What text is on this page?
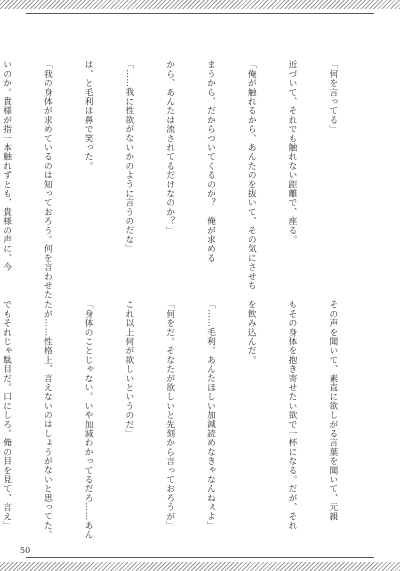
「何を言ってる」

近づいて、それでも触れない距離で、座る。

「俺が触れるから、あんたのを抜いて、その気にさせち

まうから、だからついてくるのか？　俺が求める

から、あんたは流されてるだけなのか？」

「……我に性欲がないかのように言うのだな」

は、と毛利は鼻で笑った。

「我の身体が求めているのは知っておろう。何を言わせた

いのか。貴様が指一本触れずとも、貴様の声に、今

その声を聞いて、素直に欲しがる言葉を聞いて、元親

もその身体を抱き寄せたい欲で一杯になる。だが、それ

を飲み込んだ。

「……毛利。あんたほしい加減読めなきゃなんねぇよ」

「何をだ。そなたが欲しいと先刻から言っておろうが」

これ以上何が欲しいというのだ」

「身体のことじゃない。いや加減わかってるだろ……あん

たが……性格上、言えないのはしょうがないと思ってた。

でもそれじゃ駄目だ。口にしろ。俺の目を見て、言え」

50
